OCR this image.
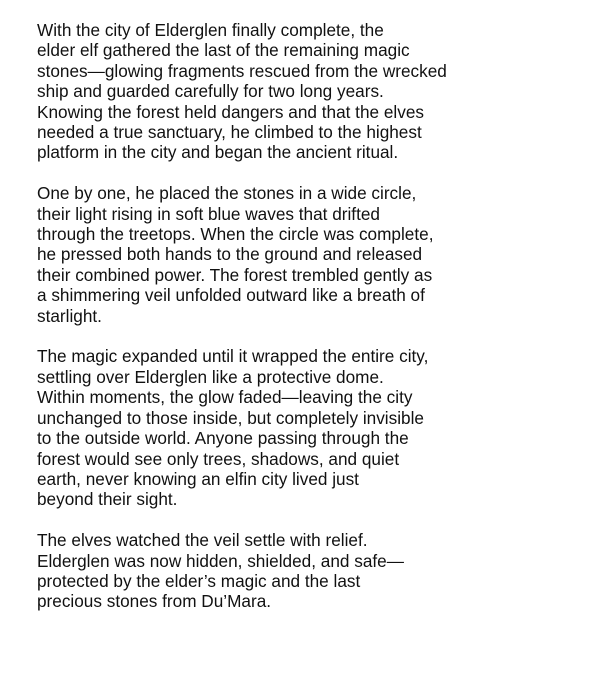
With the city of Elderglen finally complete, the
elder elf gathered the last of the remaining magic
stones—glowing fragments rescued from the wrecked
ship and guarded carefully for two long years.
Knowing the forest held dangers and that the elves
needed a true sanctuary, he climbed to the highest
platform in the city and began the ancient ritual.

One by one, he placed the stones in a wide circle,
their light rising in soft blue waves that drifted
through the treetops. When the circle was complete,
he pressed both hands to the ground and released
their combined power. The forest trembled gently as
a shimmering veil unfolded outward like a breath of
starlight.

The magic expanded until it wrapped the entire city,
settling over Elderglen like a protective dome.
Within moments, the glow faded—leaving the city
unchanged to those inside, but completely invisible
to the outside world. Anyone passing through the
forest would see only trees, shadows, and quiet
earth, never knowing an elfin city lived just
beyond their sight.

The elves watched the veil settle with relief.
Elderglen was now hidden, shielded, and safe—
protected by the elder’s magic and the last
precious stones from Du’Mara.
